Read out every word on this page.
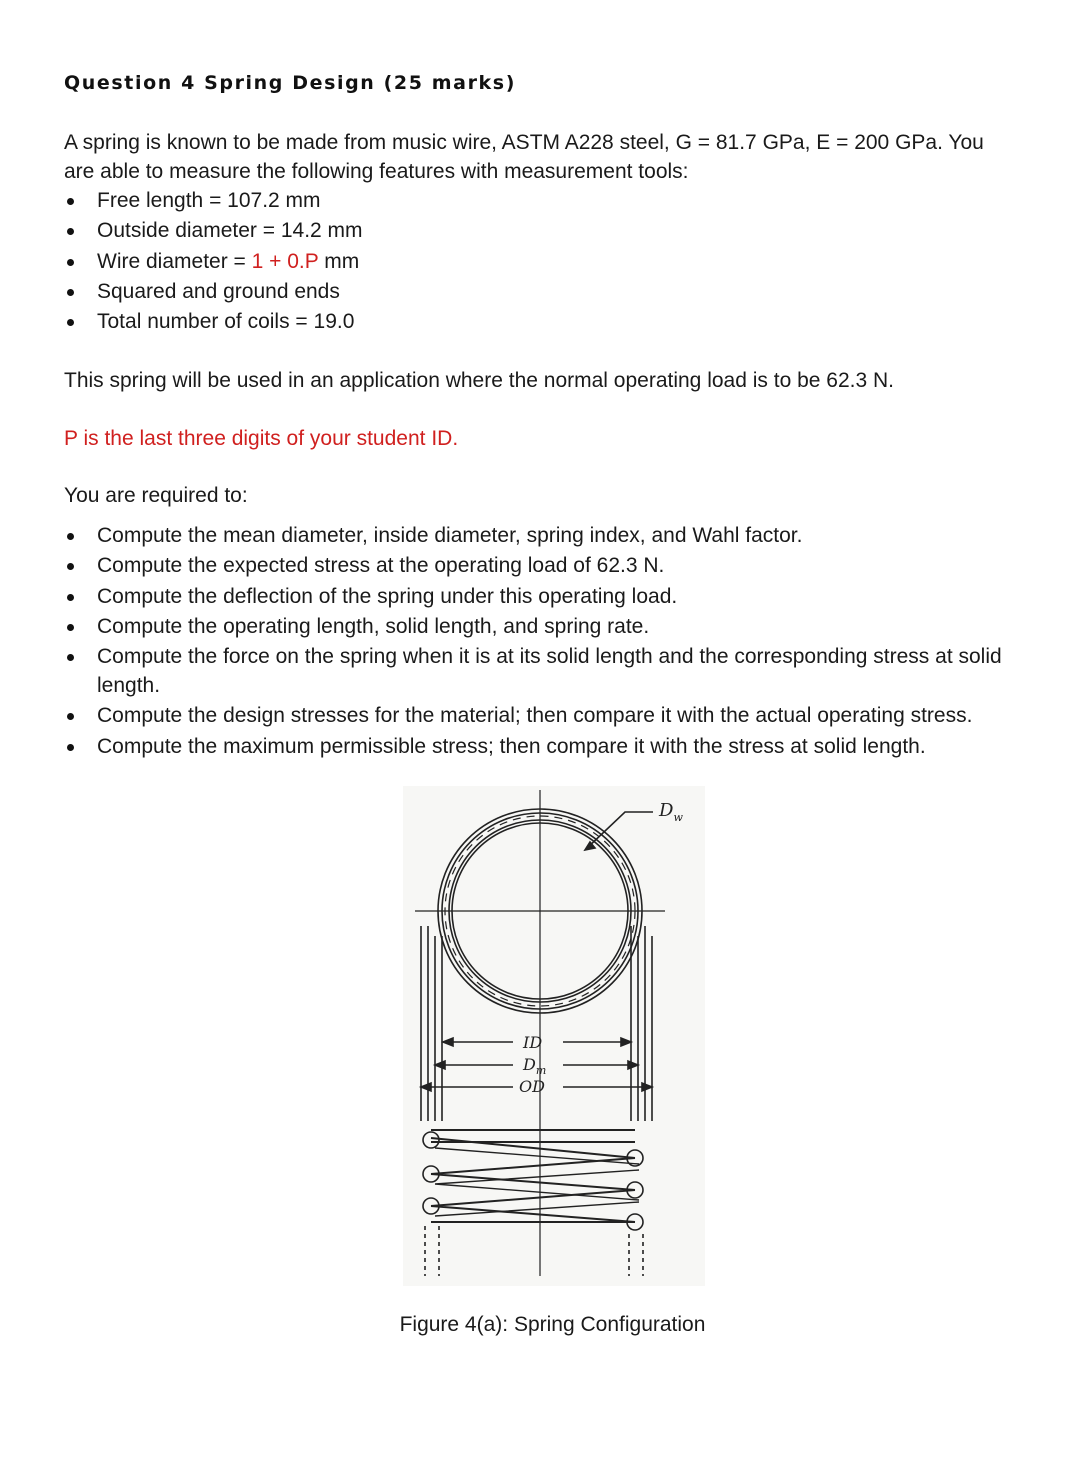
Question 4 Spring Design (25 marks)
A spring is known to be made from music wire, ASTM A228 steel, G = 81.7 GPa, E = 200 GPa. You
are able to measure the following features with measurement tools:
Free length = 107.2 mm
Outside diameter = 14.2 mm
Wire diameter = 1 + 0.P mm
Squared and ground ends
Total number of coils = 19.0
This spring will be used in an application where the normal operating load is to be 62.3 N.
P is the last three digits of your student ID.
You are required to:
Compute the mean diameter, inside diameter, spring index, and Wahl factor.
Compute the expected stress at the operating load of 62.3 N.
Compute the deflection of the spring under this operating load.
Compute the operating length, solid length, and spring rate.
Compute the force on the spring when it is at its solid length and the corresponding stress at solid length.
Compute the design stresses for the material; then compare it with the actual operating stress.
Compute the maximum permissible stress; then compare it with the stress at solid length.
$D_w$
ID
$D_m$
OD
Figure 4(a): Spring Configuration
